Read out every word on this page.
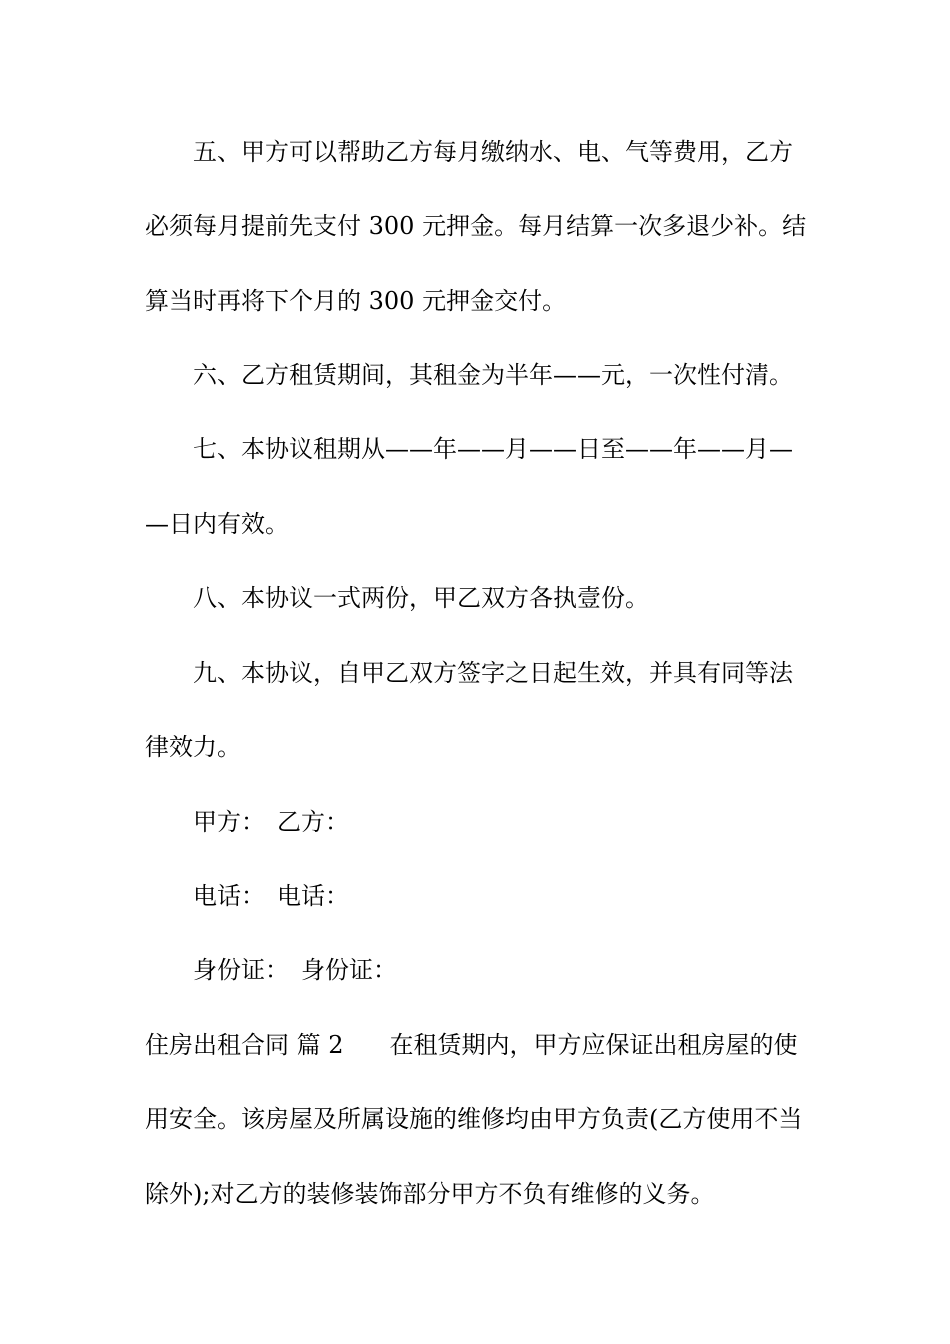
五、甲方可以帮助乙方每月缴纳水、电、气等费用，乙方
必须每月提前先支付 300 元押金。每月结算一次多退少补。结
算当时再将下个月的 300 元押金交付。
六、乙方租赁期间，其租金为半年——元，一次性付清。
七、本协议租期从——年——月——日至——年——月—
—日内有效。
八、本协议一式两份，甲乙双方各执壹份。
九、本协议，自甲乙双方签字之日起生效，并具有同等法
律效力。
甲方：　乙方：
电话：　电话：
身份证：　身份证：
住房出租合同 篇 2 在租赁期内，甲方应保证出租房屋的使
用安全。该房屋及所属设施的维修均由甲方负责(乙方使用不当
除外);对乙方的装修装饰部分甲方不负有维修的义务。
